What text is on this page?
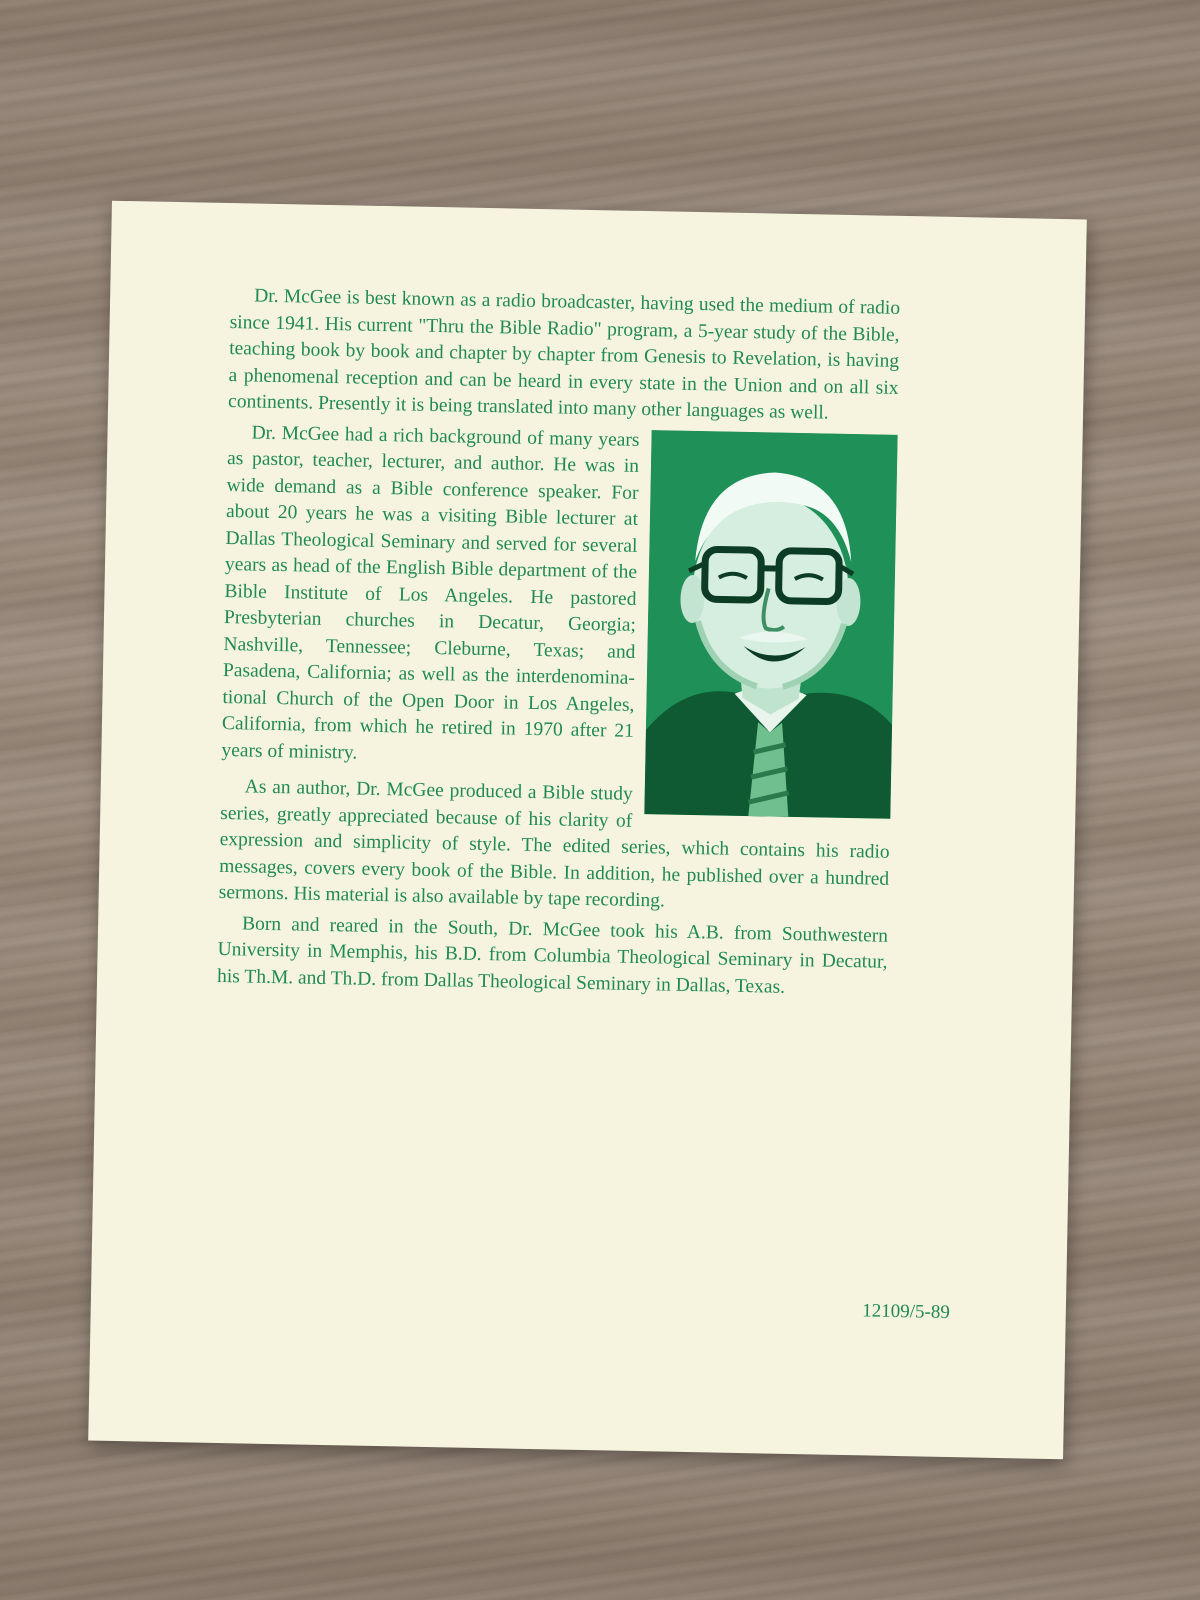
Dr. McGee is best known as a radio broadcaster, having used the medium of radio since 1941. His current "Thru the Bible Radio" program, a 5-year study of the Bible, teaching book by book and chapter by chapter from Genesis to Revelation, is having a phenomenal reception and can be heard in every state in the Union and on all six continents. Presently it is being translated into many other languages as well.

Dr. McGee had a rich background of many years as pastor, teacher, lecturer, and author. He was in wide demand as a Bible conference speaker. For about 20 years he was a visiting Bible lecturer at Dallas Theological Seminary and served for several years as head of the English Bible department of the Bible Institute of Los Angeles. He pastored Presbyterian churches in Decatur, Georgia; Nashville, Tennessee; Cleburne, Texas; and Pasadena, California; as well as the interdenomina-tional Church of the Open Door in Los Angeles, California, from which he retired in 1970 after 21 years of ministry.

As an author, Dr. McGee produced a Bible study series, greatly appreciated because of his clarity of expression and simplicity of style. The edited series, which contains his radio messages, covers every book of the Bible. In addition, he published over a hundred sermons. His material is also available by tape recording.

Born and reared in the South, Dr. McGee took his A.B. from Southwestern University in Memphis, his B.D. from Columbia Theological Seminary in Decatur, his Th.M. and Th.D. from Dallas Theological Seminary in Dallas, Texas.

12109/5-89
